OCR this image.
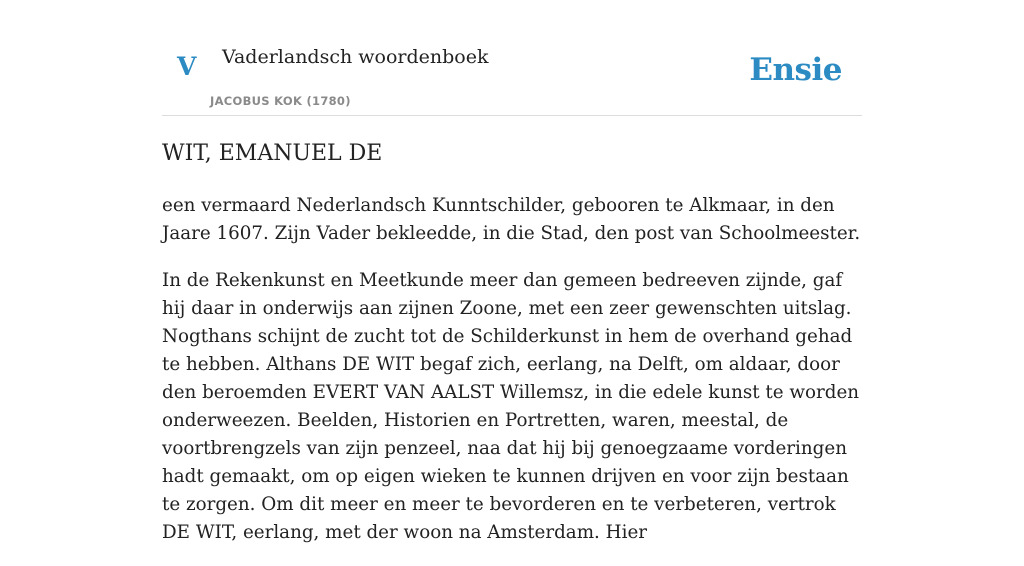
V Vaderlandsch woordenboek
JACOBUS KOK (1780)
Ensie
WIT, EMANUEL DE

een vermaard Nederlandsch Kunntschilder, gebooren te Alkmaar, in den Jaare 1607. Zijn Vader bekleedde, in die Stad, den post van Schoolmeester.

In de Rekenkunst en Meetkunde meer dan gemeen bedreeven zijnde, gaf hij daar in onderwijs aan zijnen Zoone, met een zeer gewenschten uitslag. Nogthans schijnt de zucht tot de Schilderkunst in hem de overhand gehad te hebben. Althans DE WIT begaf zich, eerlang, na Delft, om aldaar, door den beroemden EVERT VAN AALST Willemsz, in die edele kunst te worden onderweezen. Beelden, Historien en Portretten, waren, meestal, de voortbrengzels van zijn penzeel, naa dat hij bij genoegzaame vorderingen hadt gemaakt, om op eigen wieken te kunnen drijven en voor zijn bestaan te zorgen. Om dit meer en meer te bevorderen en te verbeteren, vertrok DE WIT, eerlang, met der woon na Amsterdam. Hier
